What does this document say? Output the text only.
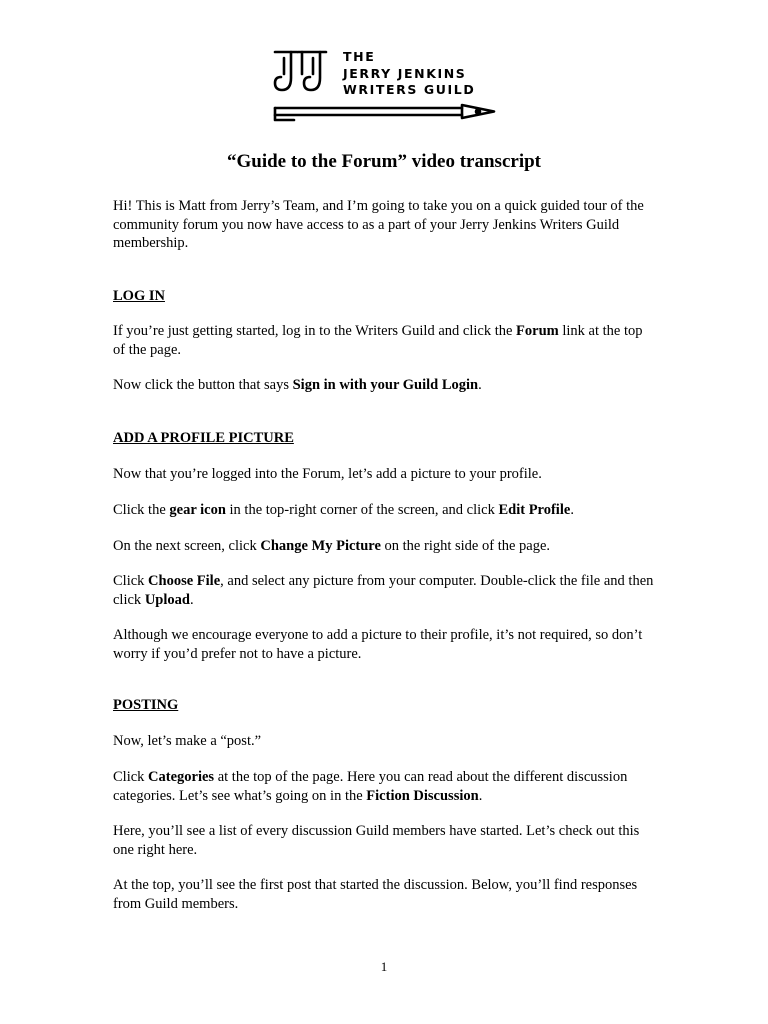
THE
JERRY JENKINS
WRITERS GUILD
“Guide to the Forum” video transcript
Hi! This is Matt from Jerry’s Team, and I’m going to take you on a quick guided tour of the community forum you now have access to as a part of your Jerry Jenkins Writers Guild membership.
LOG IN
If you’re just getting started, log in to the Writers Guild and click the Forum link at the top of the page.
Now click the button that says Sign in with your Guild Login.
ADD A PROFILE PICTURE
Now that you’re logged into the Forum, let’s add a picture to your profile.
Click the gear icon in the top-right corner of the screen, and click Edit Profile.
On the next screen, click Change My Picture on the right side of the page.
Click Choose File, and select any picture from your computer. Double-click the file and then click Upload.
Although we encourage everyone to add a picture to their profile, it’s not required, so don’t worry if you’d prefer not to have a picture.
POSTING
Now, let’s make a “post.”
Click Categories at the top of the page. Here you can read about the different discussion categories. Let’s see what’s going on in the Fiction Discussion.
Here, you’ll see a list of every discussion Guild members have started. Let’s check out this one right here.
At the top, you’ll see the first post that started the discussion. Below, you’ll find responses from Guild members.
1
